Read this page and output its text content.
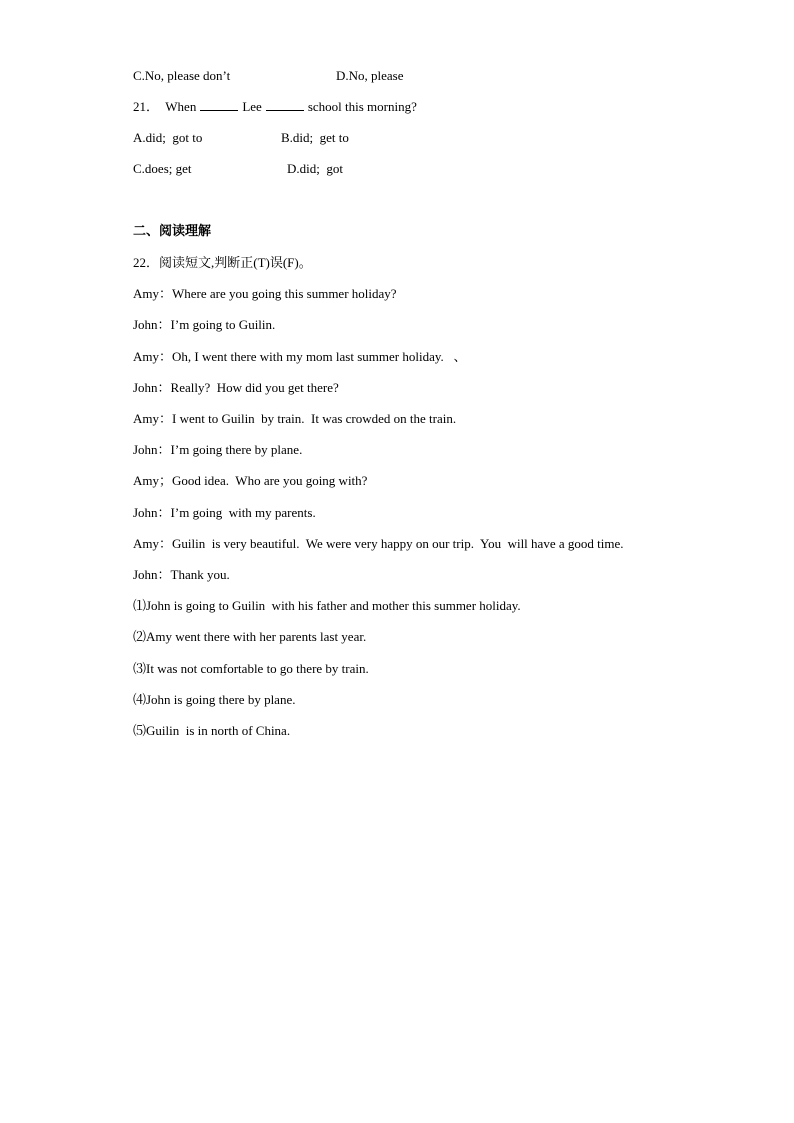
C.No, please don’t	D.No, please
21． When	Lee	school this morning?
A.did;  got to	B.did;  get to
C.does; get	D.did;  got
二、阅读理解
22．阅读短文,判断正(T)误(F)。
Amy：Where are you going this summer holiday?
John：I’m going to Guilin.
Amy：Oh, I went there with my mom last summer holiday.   、
John：Really?  How did you get there?
Amy：I went to Guilin  by train.  It was crowded on the train.
John：I’m going there by plane.
Amy；Good idea.  Who are you going with?
John：I’m going  with my parents.
Amy：Guilin  is very beautiful.  We were very happy on our trip.  You  will have a good time.
John：Thank you.
⑴John is going to Guilin  with his father and mother this summer holiday.
⑵Amy went there with her parents last year.
⑶It was not comfortable to go there by train.
⑷John is going there by plane.
⑸Guilin  is in north of China.
